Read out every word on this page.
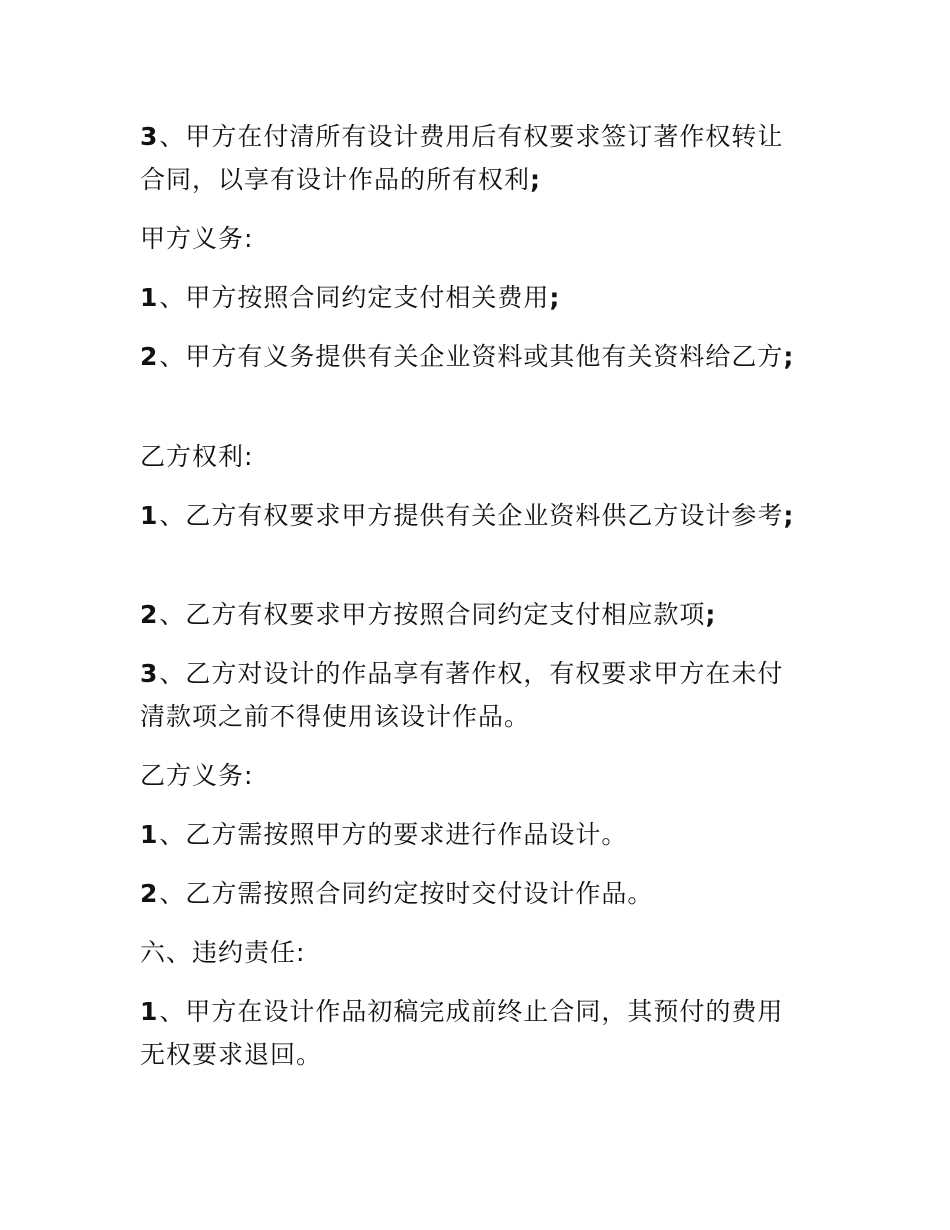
3、甲方在付清所有设计费用后有权要求签订著作权转让
合同，以享有设计作品的所有权利;
甲方义务:
1、甲方按照合同约定支付相关费用;
2、甲方有义务提供有关企业资料或其他有关资料给乙方;
乙方权利:
1、乙方有权要求甲方提供有关企业资料供乙方设计参考;
2、乙方有权要求甲方按照合同约定支付相应款项;
3、乙方对设计的作品享有著作权，有权要求甲方在未付
清款项之前不得使用该设计作品。
乙方义务:
1、乙方需按照甲方的要求进行作品设计。
2、乙方需按照合同约定按时交付设计作品。
六、违约责任:
1、甲方在设计作品初稿完成前终止合同，其预付的费用
无权要求退回。
